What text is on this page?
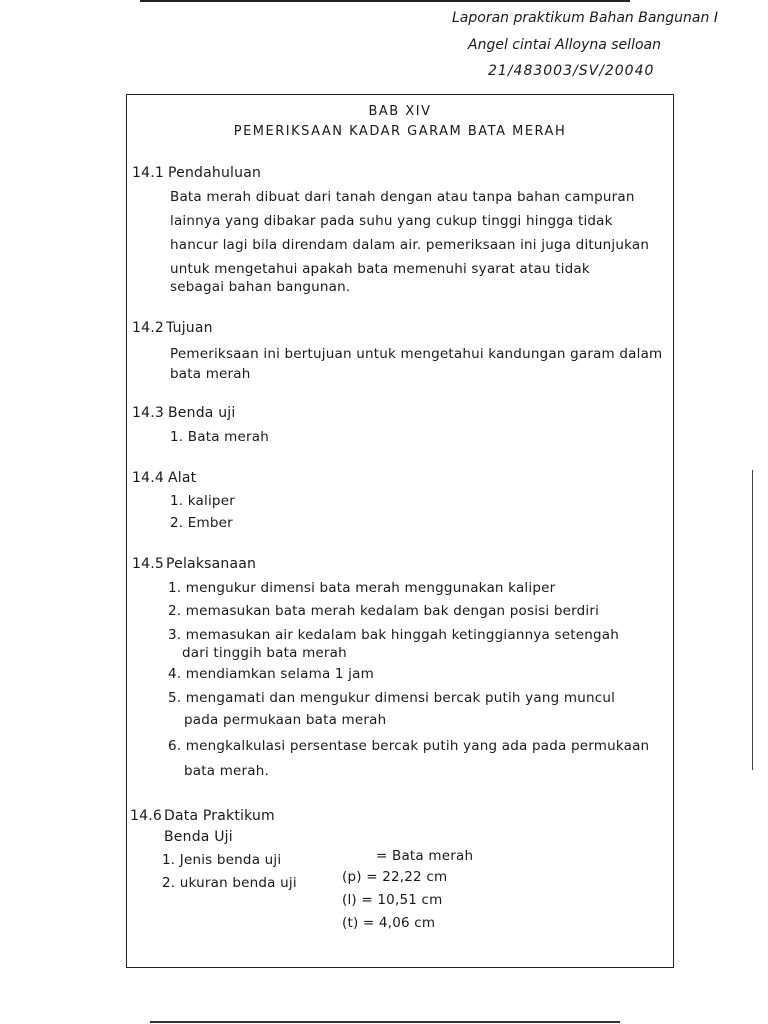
Laporan praktikum Bahan Bangunan I
Angel cintai Alloyna selloan
21/483003/SV/20040
BAB XIV
PEMERIKSAAN KADAR GARAM BATA MERAH
14.1 Pendahuluan
Bata merah dibuat dari tanah dengan atau tanpa bahan campuran
lainnya yang dibakar pada suhu yang cukup tinggi hingga tidak
hancur lagi bila direndam dalam air. pemeriksaan ini juga ditunjukan
untuk mengetahui apakah bata memenuhi syarat atau tidak
sebagai bahan bangunan.
14.2 Tujuan
Pemeriksaan ini bertujuan untuk mengetahui kandungan garam dalam
bata merah
14.3 Benda uji
1. Bata merah
14.4 Alat
1. kaliper
2. Ember
14.5 Pelaksanaan
1. mengukur dimensi bata merah menggunakan kaliper
2. memasukan bata merah kedalam bak dengan posisi berdiri
3. memasukan air kedalam bak hinggah ketinggiannya setengah
dari tinggih bata merah
4. mendiamkan selama 1 jam
5. mengamati dan mengukur dimensi bercak putih yang muncul
pada permukaan bata merah
6. mengkalkulasi persentase bercak putih yang ada pada permukaan
bata merah.
14.6 Data Praktikum
Benda Uji
1. Jenis benda uji	= Bata merah
2. ukuran benda uji	(p) = 22,22 cm
(l) = 10,51 cm
(t) = 4,06 cm
